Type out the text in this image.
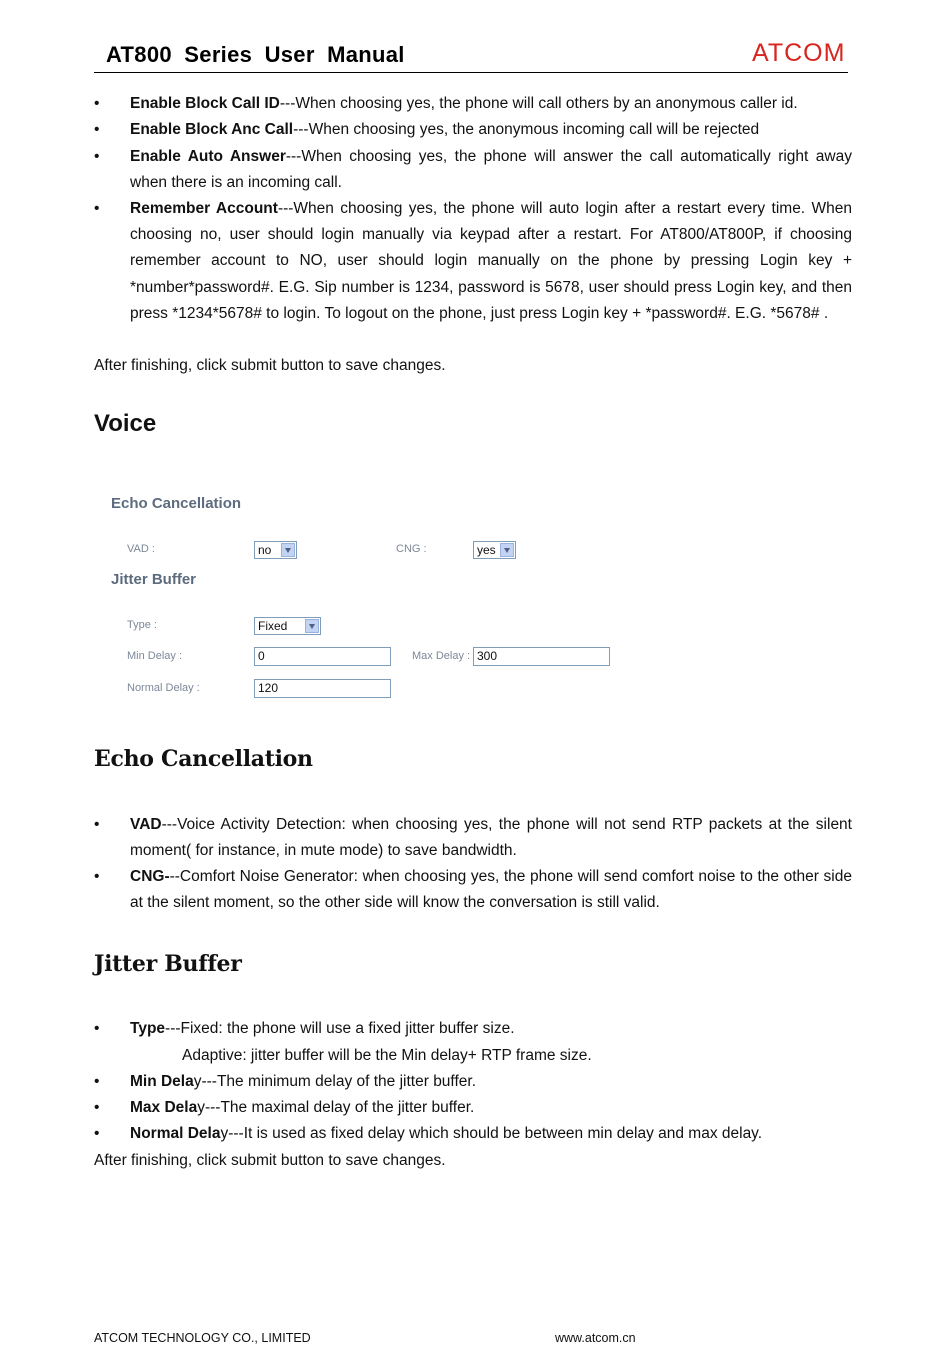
AT800 Series User Manual	ATCOM
•	Enable Block Call ID---When choosing yes, the phone will call others by an anonymous caller id.
•	Enable Block Anc Call---When choosing yes, the anonymous incoming call will be rejected
•	Enable Auto Answer---When choosing yes, the phone will answer the call automatically right away when there is an incoming call.
•	Remember Account---When choosing yes, the phone will auto login after a restart every time. When choosing no, user should login manually via keypad after a restart. For AT800/AT800P, if choosing remember account to NO, user should login manually on the phone by pressing Login key + *number*password#. E.G. Sip number is 1234, password is 5678, user should press Login key, and then press *1234*5678# to login. To logout on the phone, just press Login key + *password#. E.G. *5678# .
After finishing, click submit button to save changes.
Voice
Echo Cancellation
VAD :	no	CNG :	yes
Jitter Buffer
Type :	Fixed
Min Delay :	0	Max Delay : 300
Normal Delay :	120
Echo Cancellation
•	VAD---Voice Activity Detection: when choosing yes, the phone will not send RTP packets at the silent moment( for instance, in mute mode) to save bandwidth.
•	CNG---Comfort Noise Generator: when choosing yes, the phone will send comfort noise to the other side at the silent moment, so the other side will know the conversation is still valid.
Jitter Buffer
•	Type---Fixed: the phone will use a fixed jitter buffer size.
Adaptive: jitter buffer will be the Min delay+ RTP frame size.
•	Min Delay---The minimum delay of the jitter buffer.
•	Max Delay---The maximal delay of the jitter buffer.
•	Normal Delay---It is used as fixed delay which should be between min delay and max delay.
After finishing, click submit button to save changes.
ATCOM TECHNOLOGY CO., LIMITED	www.atcom.cn
